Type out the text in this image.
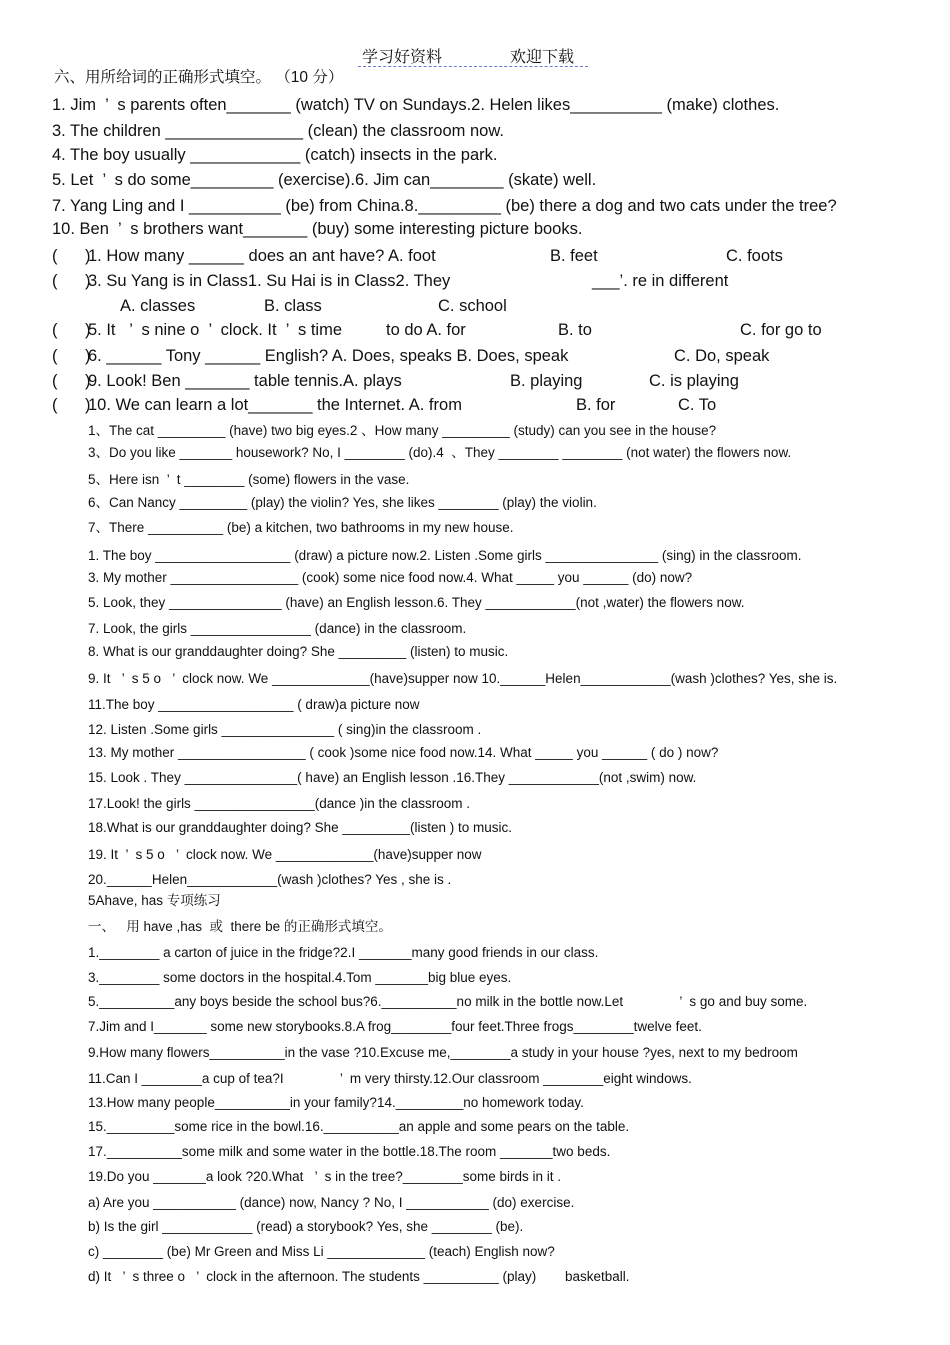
学习好资料	欢迎下载
六、用所给词的正确形式填空。 （10 分）
1. Jim  ’  s parents often_______ (watch) TV on Sundays.2. Helen likes__________ (make) clothes.
3. The children _______________ (clean) the classroom now.
4. The boy usually ____________ (catch) insects in the park.
5. Let  ’  s do some_________ (exercise).6. Jim can________ (skate) well.
7. Yang Ling and I __________ (be) from China.8._________ (be) there a dog and two cats under the tree?
10. Ben  ’  s brothers want_______ (buy) some interesting picture books.
(      )
1. How many ______ does an ant have? A. foot	B. feet	C. foots
(      )
3. Su Yang is in Class1. Su Hai is in Class2. They	___’. re in different
A. classes	B. class	C. school
(      )
5. It   ’  s nine o  ’  clock. It  ’  s time	to do A. for	B. to	C. for go to
(      )
6. ______ Tony ______ English? A. Does, speaks B. Does, speak	C. Do, speak
(      )
9. Look! Ben _______ table tennis.A. plays	B. playing	C. is playing
(      )
10. We can learn a lot_______ the Internet. A. from	B. for	C. To
1、The cat _________ (have) two big eyes.2 、How many _________ (study) can you see in the house?
3、Do you like _______ housework? No, I ________ (do).4  、They ________ ________ (not water) the flowers now.
5、Here isn  ’  t ________ (some) flowers in the vase.
6、Can Nancy _________ (play) the violin? Yes, she likes ________ (play) the violin.
7、There __________ (be) a kitchen, two bathrooms in my new house.
1. The boy __________________ (draw) a picture now.2. Listen .Some girls _______________ (sing) in the classroom.
3. My mother _________________ (cook) some nice food now.4. What _____ you ______ (do) now?
5. Look, they _______________ (have) an English lesson.6. They ____________(not ,water) the flowers now.
7. Look, the girls ________________ (dance) in the classroom.
8. What is our granddaughter doing? She _________ (listen) to music.
9. It   ’  s 5 o   ’  clock now. We _____________(have)supper now 10.______Helen____________(wash )clothes? Yes, she is.
11.The boy __________________ ( draw)a picture now
12. Listen .Some girls _______________ ( sing)in the classroom .
13. My mother _________________ ( cook )some nice food now.14. What _____ you ______ ( do ) now?
15. Look . They _______________( have) an English lesson .16.They ____________(not ,swim) now.
17.Look! the girls ________________(dance )in the classroom .
18.What is our granddaughter doing? She _________(listen ) to music.
19. It  ’  s 5 o   ’  clock now. We _____________(have)supper now
20.______Helen____________(wash )clothes? Yes , she is .
5Ahave, has 专项练习
一、   用 have ,has  或  there be 的正确形式填空。
1.________ a carton of juice in the fridge?2.I _______many good friends in our class.
3.________ some doctors in the hospital.4.Tom _______big blue eyes.
5.__________any boys beside the school bus?6.__________no milk in the bottle now.Let               ’  s go and buy some.
7.Jim and I_______ some new storybooks.8.A frog________four feet.Three frogs________twelve feet.
9.How many flowers__________in the vase ?10.Excuse me,________a study in your house ?yes, next to my bedroom
11.Can I ________a cup of tea?I               ’  m very thirsty.12.Our classroom ________eight windows.
13.How many people__________in your family?14._________no homework today.
15._________some rice in the bowl.16.__________an apple and some pears on the table.
17.__________some milk and some water in the bottle.18.The room _______two beds.
19.Do you _______a look ?20.What   ’  s in the tree?________some birds in it .
a) Are you ___________ (dance) now, Nancy ? No, I ___________ (do) exercise.
b) Is the girl ____________ (read) a storybook? Yes, she ________ (be).
c) ________ (be) Mr Green and Miss Li _____________ (teach) English now?
d) It   ’  s three o   ’  clock in the afternoon. The students __________ (play) basketball.
